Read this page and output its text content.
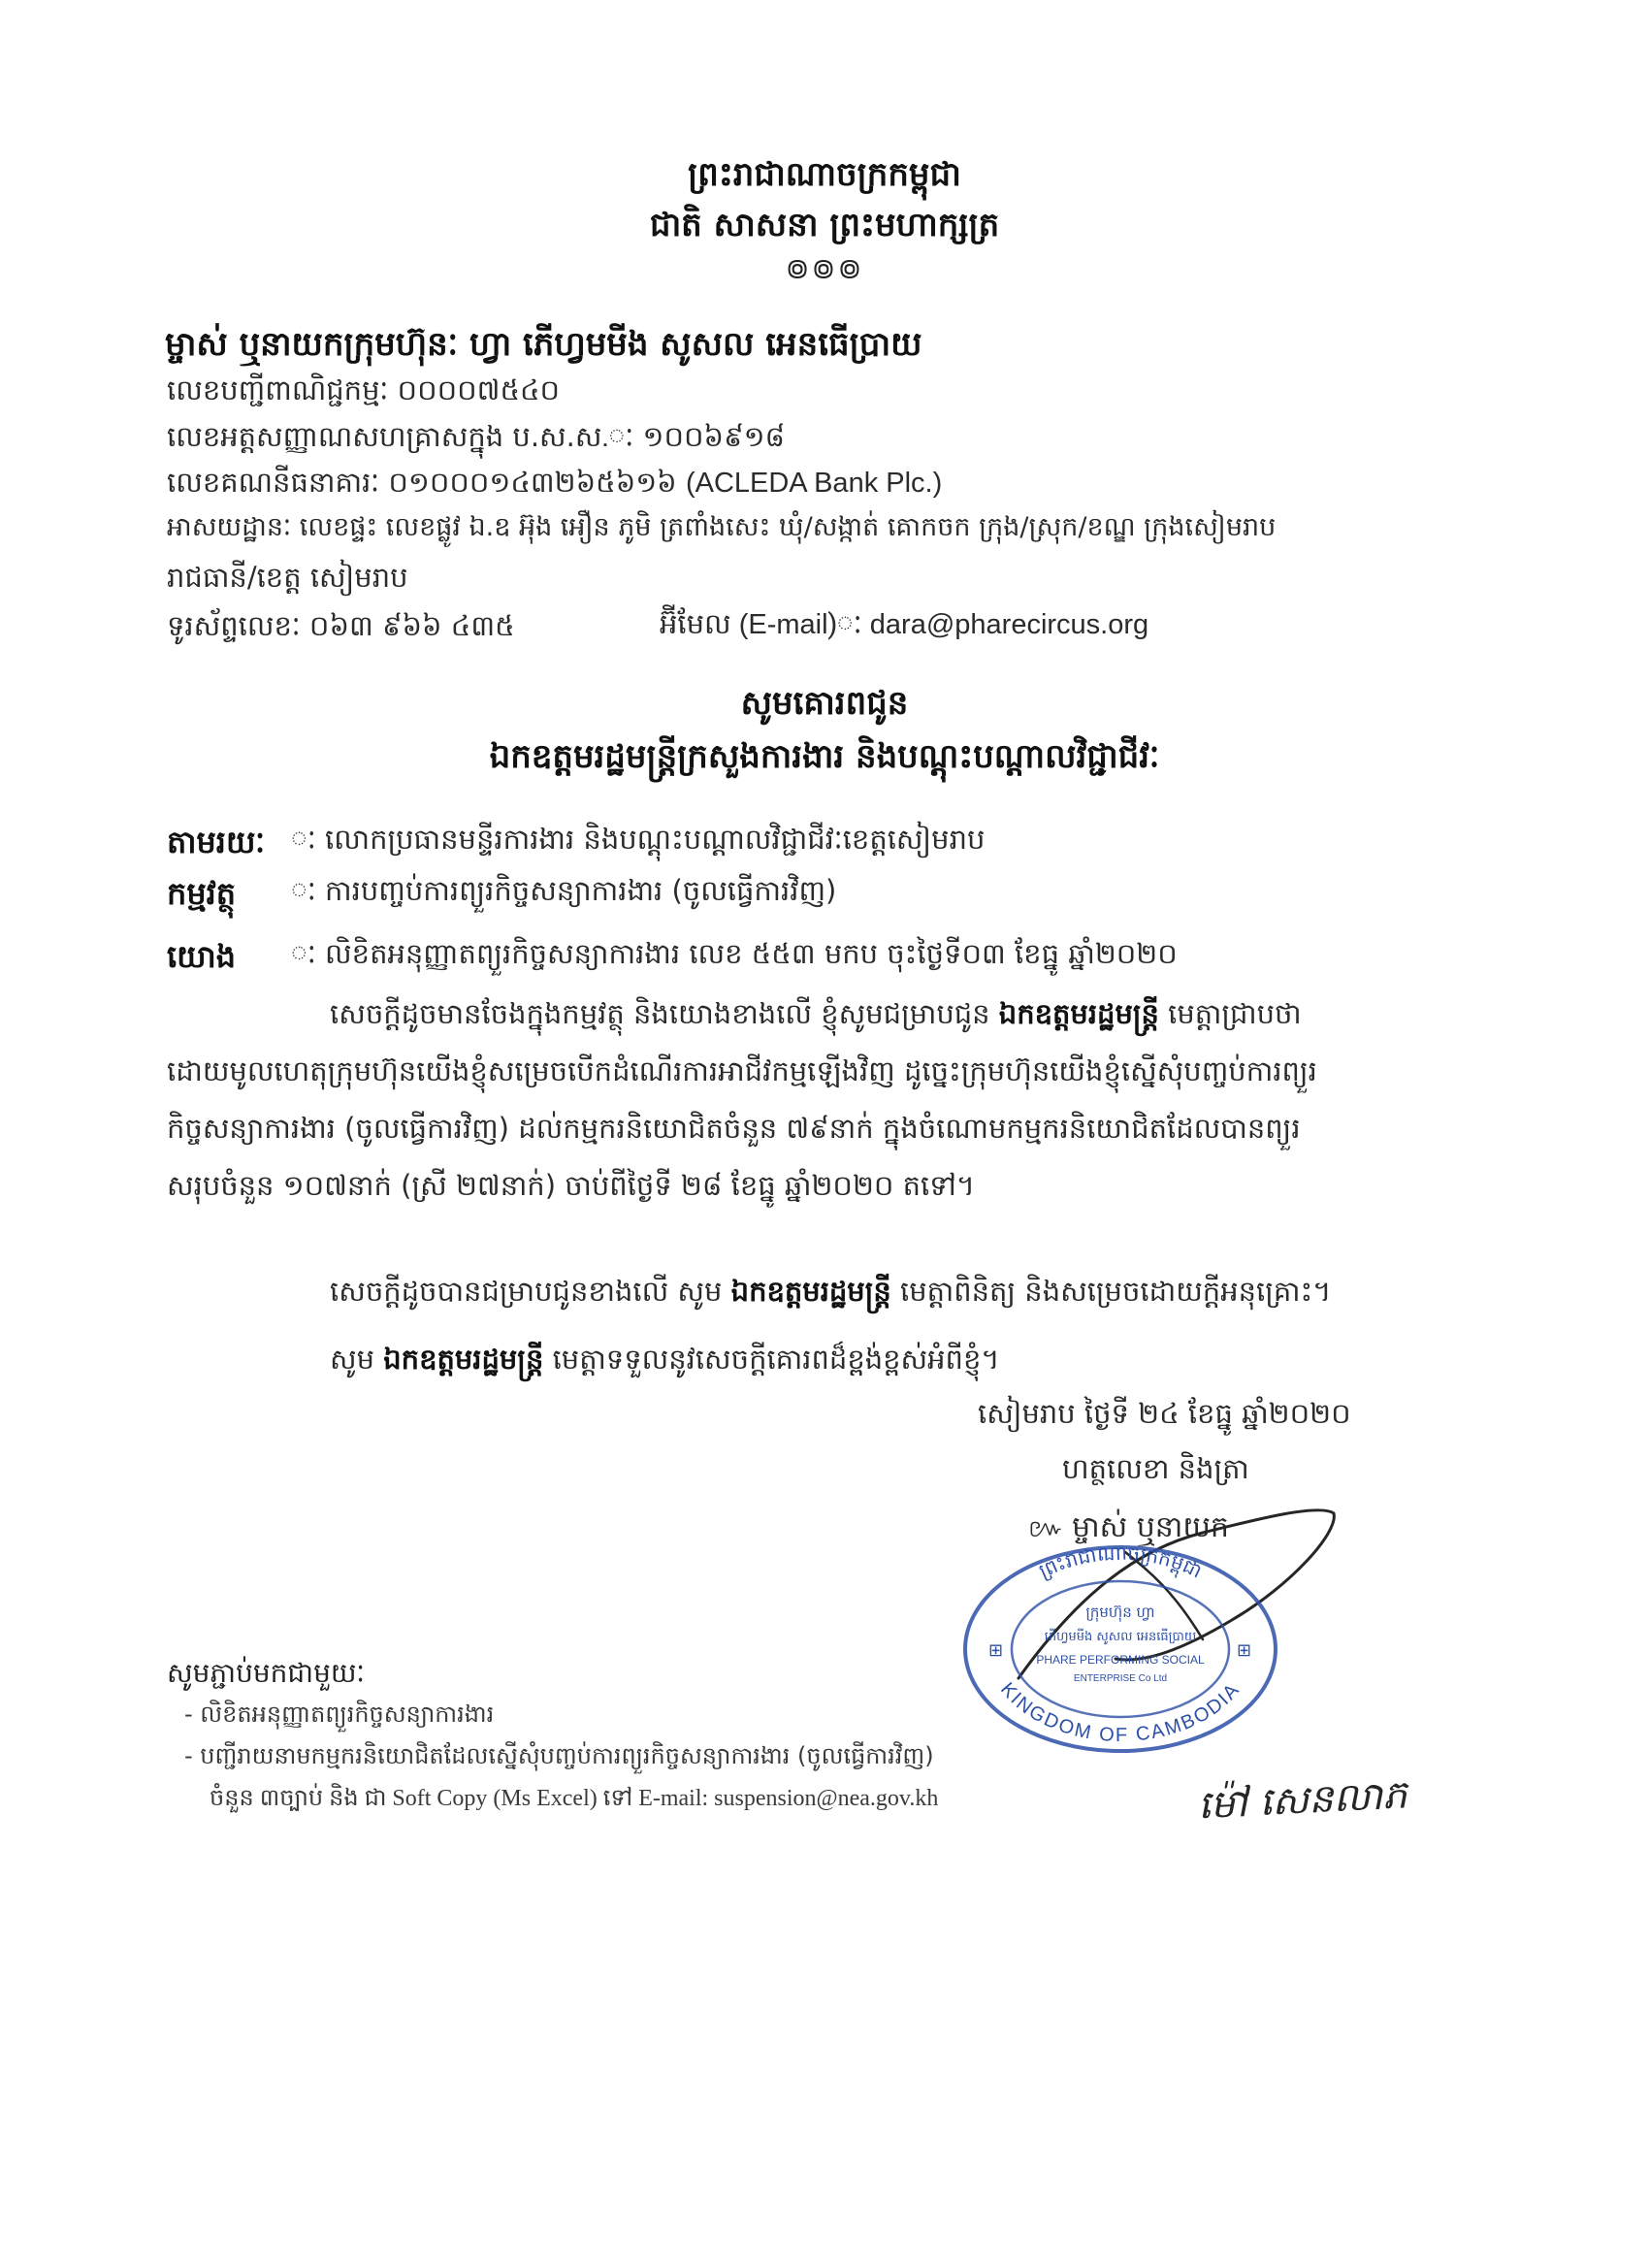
ព្រះរាជាណាចក្រកម្ពុជា
ជាតិ សាសនា ព្រះមហាក្សត្រ
៙៙៙
ម្ចាស់ ឬនាយកក្រុមហ៊ុនៈ ហ្វា ភើហ្វមមីង សូសល អេនធើប្រាយ
លេខបញ្ជីពាណិជ្ជកម្មៈ ០០០០៧៥៤០
លេខអត្តសញ្ញាណសហគ្រាសក្នុង ប.ស.ស.ៈ ១០០៦៩១៨
លេខគណនីធនាគារៈ ០១០០០១៤៣២៦៥៦១៦ (ACLEDA Bank Plc.)
អាសយដ្ឋានៈ លេខផ្ទះ លេខផ្លូវ ឯ.ឧ អ៊ុង អឿន ភូមិ ត្រពាំងសេះ ឃុំ/សង្កាត់ គោកចក ក្រុង/ស្រុក/ខណ្ឌ ក្រុងសៀមរាប
រាជធានី/ខេត្ត សៀមរាប
ទូរស័ព្ទលេខៈ ០៦៣ ៩៦៦ ៤៣៥	អ៊ីមែល (E-mail)ៈ dara@pharecircus.org
សូមគោរពជូន
ឯកឧត្តមរដ្ឋមន្ត្រីក្រសួងការងារ និងបណ្តុះបណ្តាលវិជ្ជាជីវៈ
តាមរយៈ ៈ លោកប្រធានមន្ទីរការងារ និងបណ្តុះបណ្តាលវិជ្ជាជីវៈខេត្តសៀមរាប
កម្មវត្ថុ ៈ ការបញ្ចប់ការព្យួរកិច្ចសន្យាការងារ (ចូលធ្វើការវិញ)
យោង ៈ លិខិតអនុញ្ញាតព្យួរកិច្ចសន្យាការងារ លេខ ៥៥៣ មកប ចុះថ្ងៃទី០៣ ខែធ្នូ ឆ្នាំ២០២០
សេចក្តីដូចមានចែងក្នុងកម្មវត្ថុ និងយោងខាងលើ ខ្ញុំសូមជម្រាបជូន ឯកឧត្តមរដ្ឋមន្ត្រី មេត្តាជ្រាបថា
ដោយមូលហេតុក្រុមហ៊ុនយើងខ្ញុំសម្រេចបើកដំណើរការអាជីវកម្មឡើងវិញ ដូច្នេះក្រុមហ៊ុនយើងខ្ញុំស្នើសុំបញ្ចប់ការព្យួរ
កិច្ចសន្យាការងារ (ចូលធ្វើការវិញ) ដល់កម្មករនិយោជិតចំនួន ៧៩នាក់ ក្នុងចំណោមកម្មករនិយោជិតដែលបានព្យួរ
សរុបចំនួន ១០៧នាក់ (ស្រី ២៧នាក់) ចាប់ពីថ្ងៃទី ២៨ ខែធ្នូ ឆ្នាំ២០២០ តទៅ។
សេចក្តីដូចបានជម្រាបជូនខាងលើ សូម ឯកឧត្តមរដ្ឋមន្ត្រី មេត្តាពិនិត្យ និងសម្រេចដោយក្តីអនុគ្រោះ។
សូម ឯកឧត្តមរដ្ឋមន្ត្រី មេត្តាទទួលនូវសេចក្តីគោរពដ៏ខ្ពង់ខ្ពស់អំពីខ្ញុំ។
សៀមរាប ថ្ងៃទី ២៤ ខែធ្នូ ឆ្នាំ២០២០
ហត្ថលេខា និងត្រា
៚ ម្ចាស់ ឬនាយក
ព្រះរាជាណាចក្រកម្ពុជា
KINGDOM OF CAMBODIA
ក្រុមហ៊ុន ហ្វា
ភើហ្វមមីង សូសល អេនធើប្រាយ
PHARE PERFORMING SOCIAL
ENTERPRISE Co Ltd
⊞	⊞
ម៉ៅ សេនលាភ
សូមភ្ជាប់មកជាមួយៈ
- លិខិតអនុញ្ញាតព្យួរកិច្ចសន្យាការងារ
- បញ្ជីរាយនាមកម្មករនិយោជិតដែលស្នើសុំបញ្ចប់ការព្យួរកិច្ចសន្យាការងារ (ចូលធ្វើការវិញ)
ចំនួន ៣ច្បាប់ និង ជា Soft Copy (Ms Excel) ទៅ E-mail: suspension@nea.gov.kh
